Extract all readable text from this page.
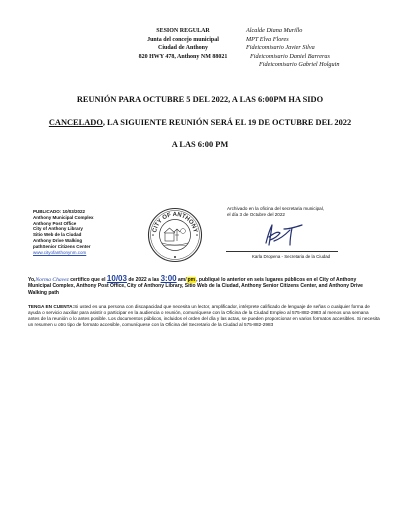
SESION REGULAR
Junta del concejo municipal
Ciudad de Anthony
820 HWY 478, Anthony NM 88021
Alcalde Diana Murillo
MPT Elva Flores
Fideicomisario Javier Silva
Fideicomisario Daniel Barreras
Fideicomisario Gabriel Holguin
REUNIÓN PARA OCTUBRE 5 DEL 2022, A LAS 6:00PM HA SIDO
CANCELADO, LA SIGUIENTE REUNIÓN SERÁ EL 19 DE OCTUBRE DEL 2022
A LAS 6:00 PM
PUBLICADO: 10/03/2022
Anthony Municipal Complex
Anthony Post Office
City of Anthony Library
Sitio Web de la Ciudad
Anthony Drive Walking
pathSenior Citizens Center
www.cityofanthonynm.com
CITY OF ANTHONY
Archivado en la oficina del secretaria municipal,
el día 3 de Octubre del 2022
Karla Dropena - Secretaria de la Ciudad
Yo,Norma Chavez certifico que el 10/03 de 2022 a las 3:00 am/pm, publiqué lo anterior en seis lugares públicos en el City of Anthony Municipal Complex, Anthony Post Office, City of Anthony Library, Sitio Web de la Ciudad, Anthony Senior Citizens Center, and Anthony Drive Walking path
TENGA EN CUENTA:Si usted es una persona con discapacidad que necesita un lector, amplificador, intérprete calificado de lenguaje de señas o cualquier forma de ayuda o servicio auxiliar para asistir o participar en la audiencia o reunión, comuníquese con la Oficina de la Ciudad Empleo al 575-882-2983 al menos una semana antes de la reunión o lo antes posible. Los documentos públicos, incluidos el orden del día y las actas, se pueden proporcionar en varios formatos accesibles. Si necesita un resumen u otro tipo de formato accesible, comuníquese con la Oficina del Secretario de la Ciudad al 575-882-2983
